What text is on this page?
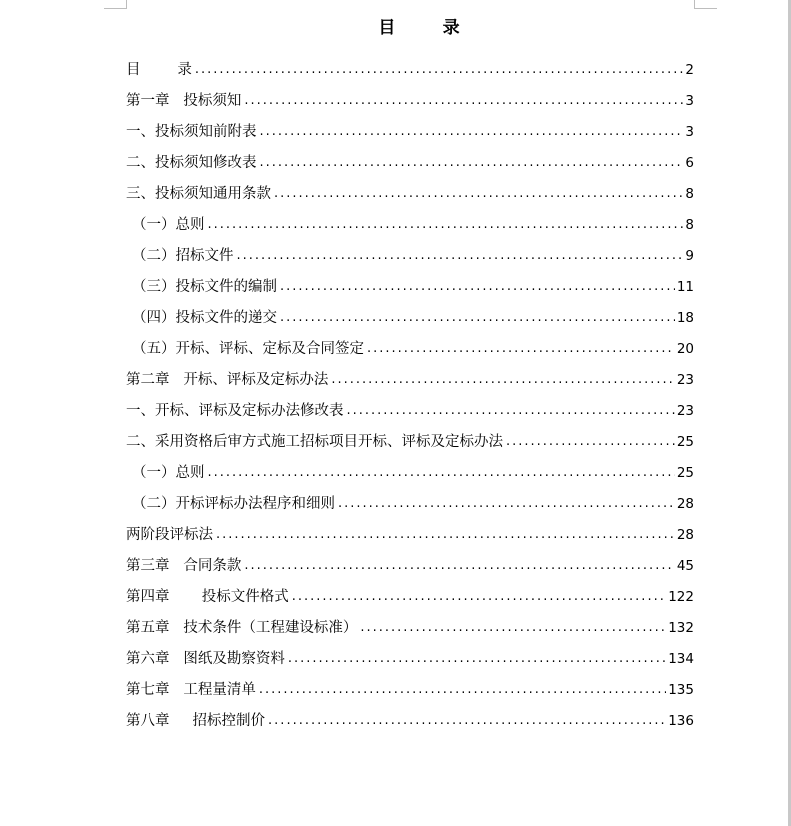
目        录
目        录 .....	2
第一章   投标须知 .....	3
一、投标须知前附表 .....	3
二、投标须知修改表 .....	6
三、投标须知通用条款 .....	8
（一）总则 .....	8
（二）招标文件 .....	9
（三）投标文件的编制 .....	11
（四）投标文件的递交 .....	18
（五）开标、评标、定标及合同签定 .....	20
第二章   开标、评标及定标办法 .....	23
一、开标、评标及定标办法修改表 .....	23
二、采用资格后审方式施工招标项目开标、评标及定标办法 .....	25
（一）总则 .....	25
（二）开标评标办法程序和细则 .....	28
两阶段评标法 .....	28
第三章   合同条款 .....	45
第四章       投标文件格式 .....	122
第五章   技术条件（工程建设标准） .....	132
第六章   图纸及勘察资料 .....	134
第七章   工程量清单 .....	135
第八章     招标控制价 .....	136
